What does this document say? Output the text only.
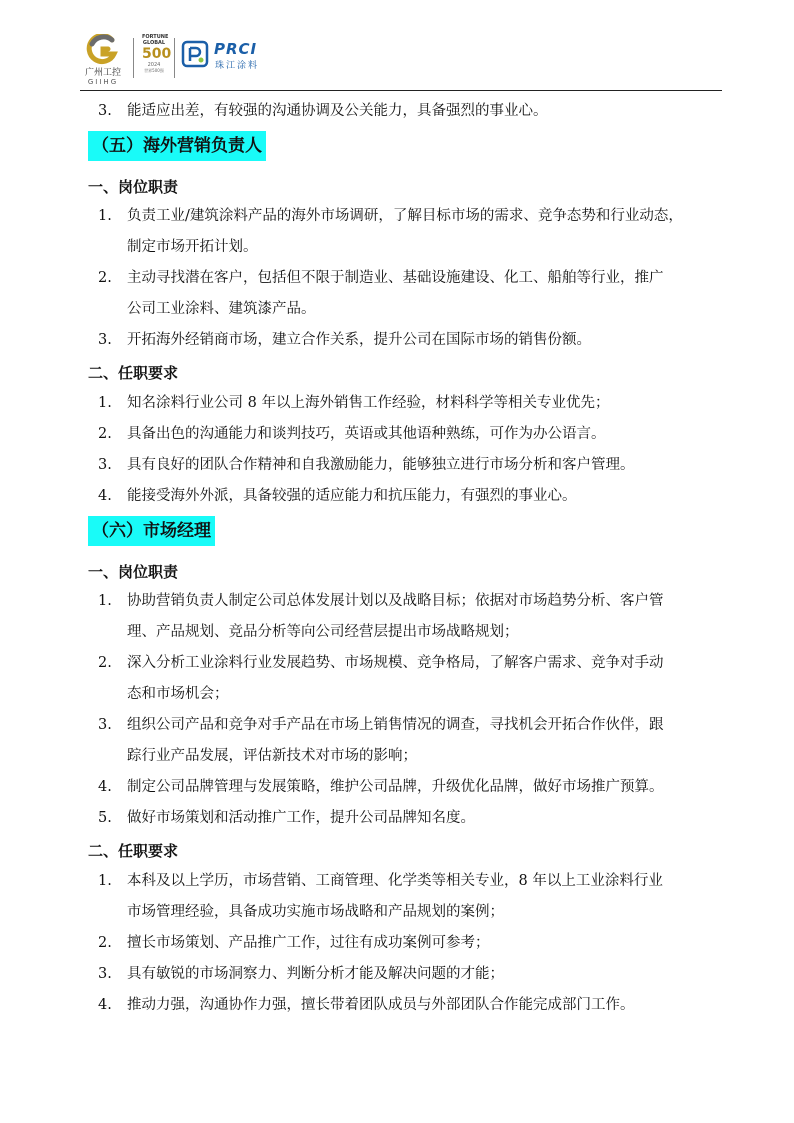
广州工控
GIIHG
FORTUNE
GLOBAL
500
2024
世界500强
PRCI
珠江涂料
3.	能适应出差，有较强的沟通协调及公关能力，具备强烈的事业心。
（五）海外营销负责人
一、岗位职责
1.	负责工业/建筑涂料产品的海外市场调研，了解目标市场的需求、竞争态势和行业动态，
制定市场开拓计划。
2.	主动寻找潜在客户，包括但不限于制造业、基础设施建设、化工、船舶等行业，推广
公司工业涂料、建筑漆产品。
3.	开拓海外经销商市场，建立合作关系，提升公司在国际市场的销售份额。
二、任职要求
1.	知名涂料行业公司 8 年以上海外销售工作经验，材料科学等相关专业优先；
2.	具备出色的沟通能力和谈判技巧，英语或其他语种熟练，可作为办公语言。
3.	具有良好的团队合作精神和自我激励能力，能够独立进行市场分析和客户管理。
4.	能接受海外外派，具备较强的适应能力和抗压能力，有强烈的事业心。
（六）市场经理
一、岗位职责
1.	协助营销负责人制定公司总体发展计划以及战略目标；依据对市场趋势分析、客户管
理、产品规划、竞品分析等向公司经营层提出市场战略规划；
2.	深入分析工业涂料行业发展趋势、市场规模、竞争格局，了解客户需求、竞争对手动
态和市场机会；
3.	组织公司产品和竞争对手产品在市场上销售情况的调查，寻找机会开拓合作伙伴，跟
踪行业产品发展，评估新技术对市场的影响；
4.	制定公司品牌管理与发展策略，维护公司品牌，升级优化品牌，做好市场推广预算。
5.	做好市场策划和活动推广工作，提升公司品牌知名度。
二、任职要求
1.	本科及以上学历，市场营销、工商管理、化学类等相关专业，8 年以上工业涂料行业
市场管理经验，具备成功实施市场战略和产品规划的案例；
2.	擅长市场策划、产品推广工作，过往有成功案例可参考；
3.	具有敏锐的市场洞察力、判断分析才能及解决问题的才能；
4.	推动力强，沟通协作力强，擅长带着团队成员与外部团队合作能完成部门工作。
